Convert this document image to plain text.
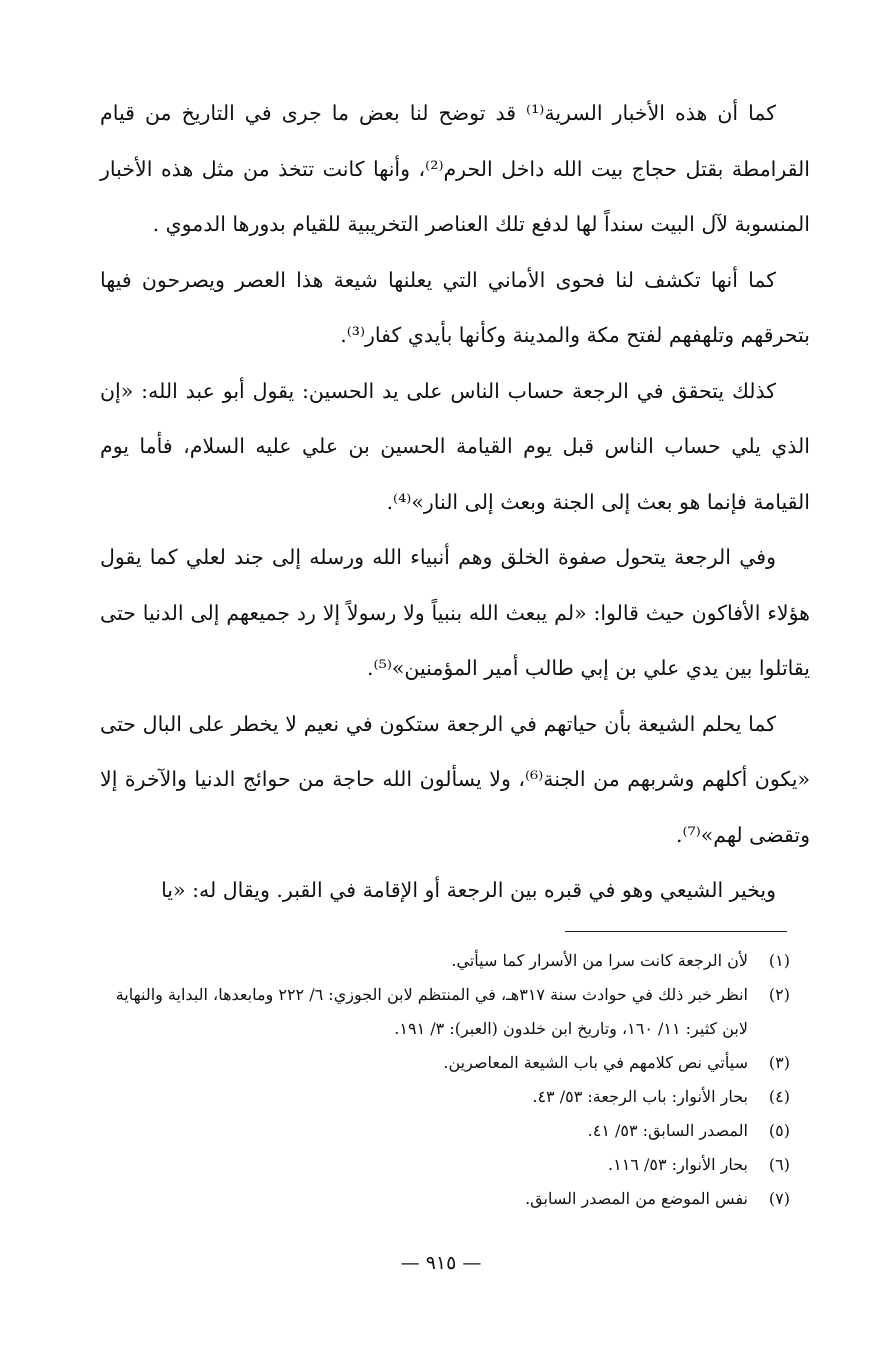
كما أن هذه الأخبار السرية⁽¹⁾ قد توضح لنا بعض ما جرى في التاريخ من قيام القرامطة بقتل حجاج بيت الله داخل الحرم⁽²⁾، وأنها كانت تتخذ من مثل هذه الأخبار المنسوبة لآل البيت سنداً لها لدفع تلك العناصر التخريبية للقيام بدورها الدموي .

كما أنها تكشف لنا فحوى الأماني التي يعلنها شيعة هذا العصر ويصرحون فيها بتحرقهم وتلهفهم لفتح مكة والمدينة وكأنها بأيدي كفار⁽³⁾.

كذلك يتحقق في الرجعة حساب الناس على يد الحسين: يقول أبو عبد الله: «إن الذي يلي حساب الناس قبل يوم القيامة الحسين بن علي عليه السلام، فأما يوم القيامة فإنما هو بعث إلى الجنة وبعث إلى النار»⁽⁴⁾.

وفي الرجعة يتحول صفوة الخلق وهم أنبياء الله ورسله إلى جند لعلي كما يقول هؤلاء الأفاكون حيث قالوا: «لم يبعث الله بنبياً ولا رسولاً إلا رد جميعهم إلى الدنيا حتى يقاتلوا بين يدي علي بن إبي طالب أمير المؤمنين»⁽⁵⁾.

كما يحلم الشيعة بأن حياتهم في الرجعة ستكون في نعيم لا يخطر على البال حتى «يكون أكلهم وشربهم من الجنة⁽⁶⁾، ولا يسألون الله حاجة من حوائج الدنيا والآخرة إلا وتقضى لهم»⁽⁷⁾.

ويخير الشيعي وهو في قبره بين الرجعة أو الإقامة في القبر. ويقال له: «يا

(١)
لأن الرجعة كانت سرا من الأسرار كما سيأتي.
(٢)
انظر خبر ذلك في حوادث سنة ٣١٧هـ، في المنتظم لابن الجوزي: ٦/ ٢٢٢ ومابعدها، البداية والنهاية لابن كثير: ١١/ ١٦٠، وتاريخ ابن خلدون (العبر): ٣/ ١٩١.
(٣)
سيأتي نص كلامهم في باب الشيعة المعاصرين.
(٤)
بحار الأنوار: باب الرجعة: ٥٣/ ٤٣.
(٥)
المصدر السابق: ٥٣/ ٤١.
(٦)
بحار الأنوار: ٥٣/ ١١٦.
(٧)
نفس الموضع من المصدر السابق.
— ٩١٥ —
